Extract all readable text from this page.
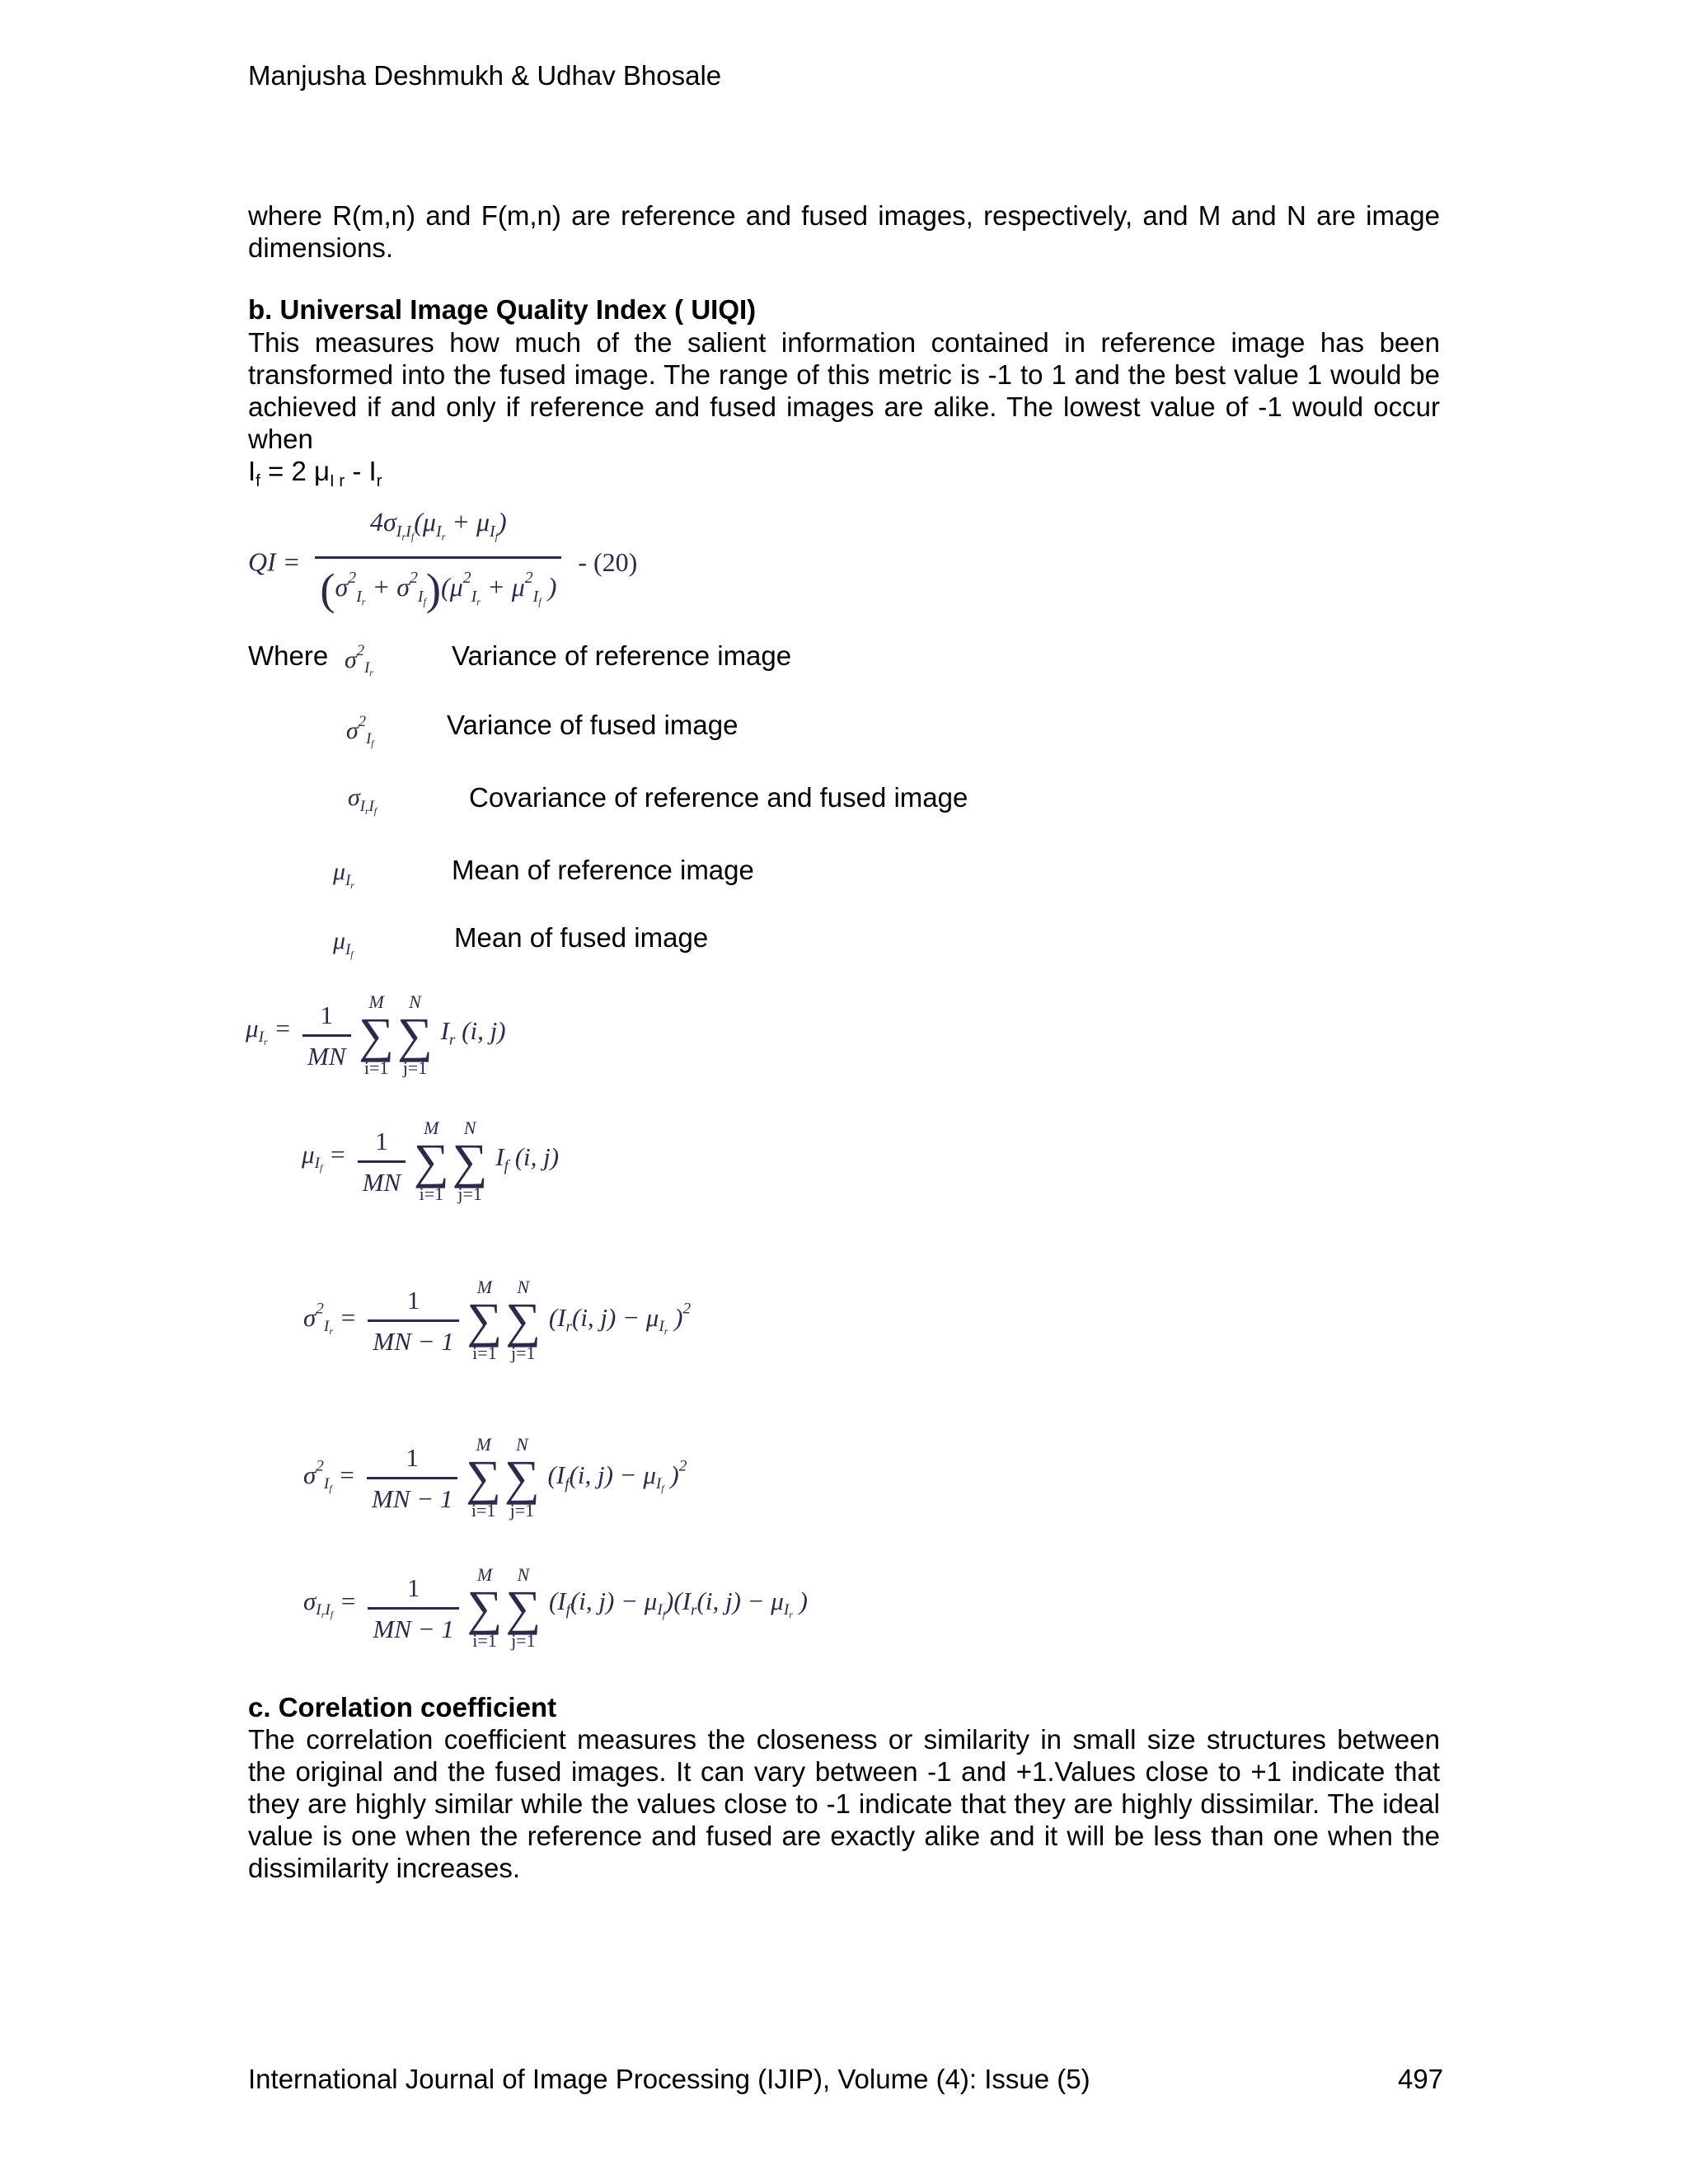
Manjusha Deshmukh & Udhav Bhosale
where R(m,n) and F(m,n) are reference and fused images, respectively, and M and N are image dimensions.
b. Universal Image Quality Index ( UIQI)
This measures how much of the salient information contained in reference image has been transformed into the fused image. The range of this metric is -1 to 1 and the best value 1 would be achieved if and only if reference and fused images are alike. The lowest value of -1 would occur when
$I_f = 2$ $\mu_{I r} - I_r$
QI = $\frac{4\sigma_{I_rI_f}(\mu_{I_r} + \mu_{I_f})}{(\sigma^2_{I_r} + \sigma^2_{I_f})(\mu^2_{I_r} + \mu^2_{I_f} )} - (20)$
Where $\sigma^2_{I_r}$
Variance of reference image
$\sigma^2_{I_f}$
Variance of fused image
$\sigma_{I_rI_f}$	Covariance of reference and fused image
$\mu_{I_r}$
Mean of reference image
$\mu_{I_f}$
Mean of fused image
$\mu_{I_r} = \frac{1}{MN}$
M
∑
i=1
N
∑
j=1
$I_r$ (i, j)
$\mu_{I_f} = \frac{1}{MN}$
M
∑
i=1
N
∑
j=1
$I_f$ (i, j)
$\sigma^2_{I_r} = \frac{1}{MN - 1}$
M
∑
i=1
N
∑
j=1
($I_r(i$, $j) - \mu_{I_r}$ )$^2$
$\sigma^2_{I_f} = \frac{1}{MN - 1}$
M
∑
i=1
N
∑
j=1
($I_f(i$, $j) - \mu_{I_f}$ )$^2$
$\sigma_{I_rI_f} = \frac{1}{MN - 1}$
M
∑
i=1
N
∑
j=1
($I_f(i$, $j) - \mu_{I_f})(I_r(i$, $j) - \mu_{I_r}$ )
c. Corelation coefficient
The correlation coefficient measures the closeness or similarity in small size structures between the original and the fused images. It can vary between -1 and +1.Values close to +1 indicate that they are highly similar while the values close to -1 indicate that they are highly dissimilar. The ideal value is one when the reference and fused are exactly alike and it will be less than one when the dissimilarity increases.
International Journal of Image Processing (IJIP), Volume (4): Issue (5)	497
